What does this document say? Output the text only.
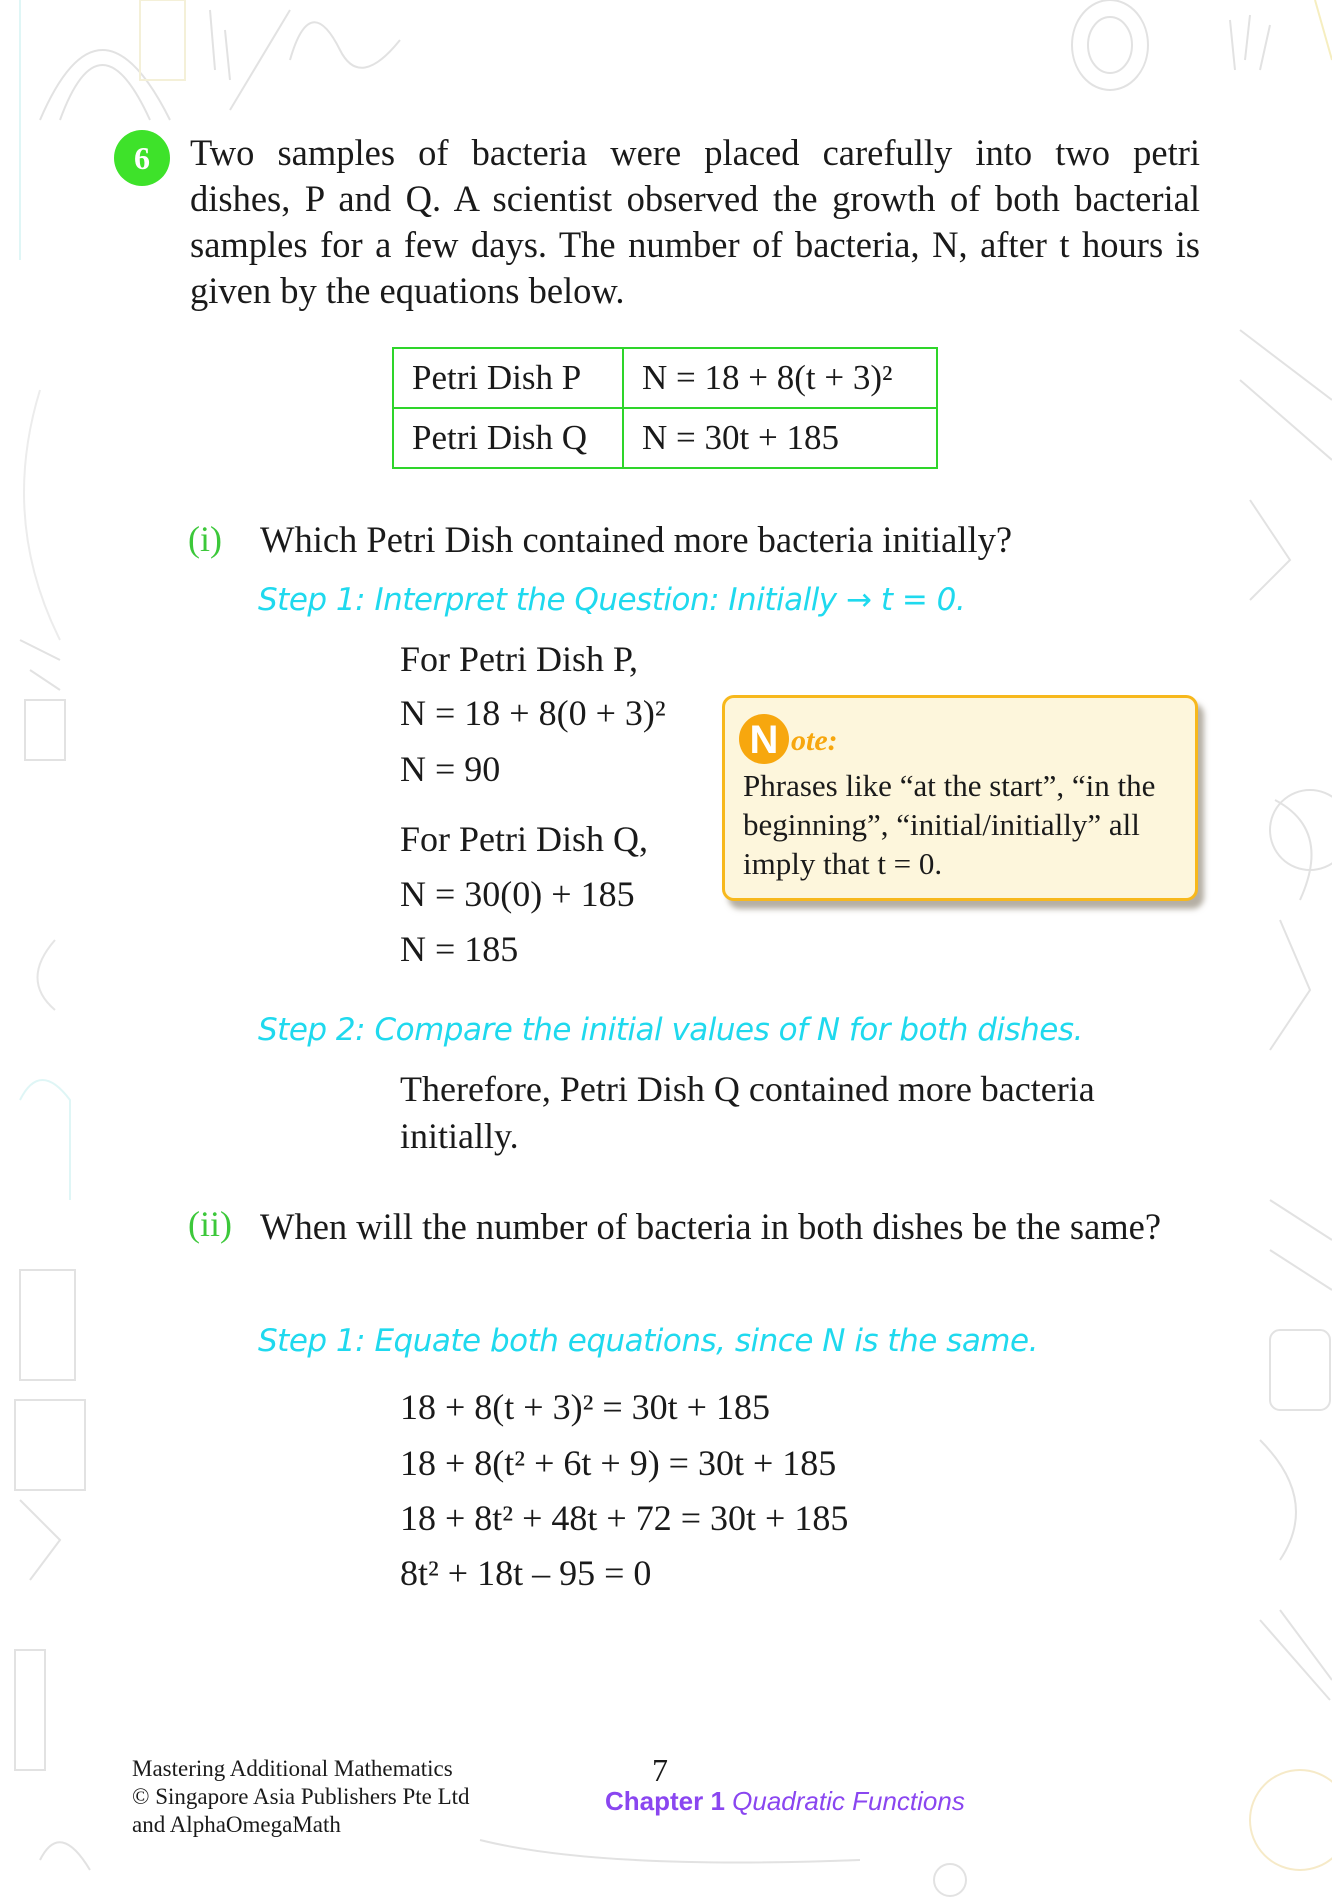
6	Two samples of bacteria were placed carefully into two petri
dishes, P and Q. A scientist observed the growth of both bacterial
samples for a few days. The number of bacteria, N, after t hours is
given by the equations below.
Petri Dish P	N = 18 + 8(t + 3)²
Petri Dish Q	N = 30t + 185
(i) Which Petri Dish contained more bacteria initially?
Step 1: Interpret the Question: Initially → t = 0.
For Petri Dish P,
N = 18 + 8(0 + 3)²
N = 90
For Petri Dish Q,
N = 30(0) + 185
N = 185
N ote:
Phrases like “at the start”, “in the beginning”, “initial/initially” all imply that t = 0.
Step 2: Compare the initial values of N for both dishes.
Therefore, Petri Dish Q contained more bacteria initially.
(ii) When will the number of bacteria in both dishes be the same?
Step 1: Equate both equations, since N is the same.
18 + 8(t + 3)² = 30t + 185
18 + 8(t² + 6t + 9) = 30t + 185
18 + 8t² + 48t + 72 = 30t + 185
8t² + 18t – 95 = 0
Mastering Additional Mathematics
© Singapore Asia Publishers Pte Ltd
and AlphaOmegaMath
7
Chapter 1 Quadratic Functions
